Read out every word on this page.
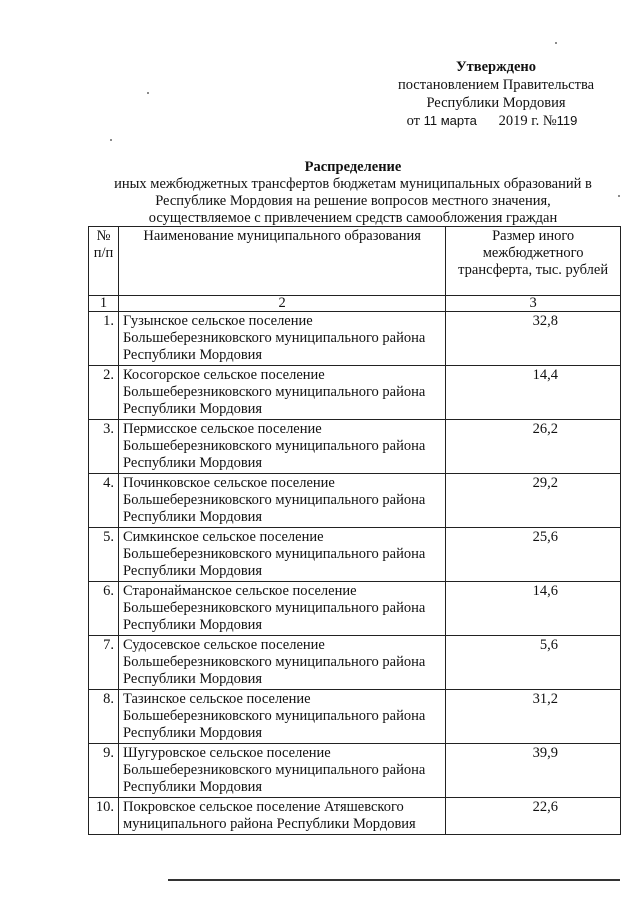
Утверждено
постановлением Правительства
Республики Мордовия
от 11 марта 2019 г. №119
Распределение
иных межбюджетных трансфертов бюджетам муниципальных образований в
Республике Мордовия на решение вопросов местного значения,
осуществляемое с привлечением средств самообложения граждан
№ п/п	Наименование муниципального образования	Размер иного межбюджетного трансферта, тыс. рублей
1	2	3
1.	Гузынское сельское поселение Большеберезниковского муниципального района Республики Мордовия	32,8
2.	Косогорское сельское поселение Большеберезниковского муниципального района Республики Мордовия	14,4
3.	Пермисское сельское поселение Большеберезниковского муниципального района Республики Мордовия	26,2
4.	Починковское сельское поселение Большеберезниковского муниципального района Республики Мордовия	29,2
5.	Симкинское сельское поселение Большеберезниковского муниципального района Республики Мордовия	25,6
6.	Старонайманское сельское поселение Большеберезниковского муниципального района Республики Мордовия	14,6
7.	Судосевское сельское поселение Большеберезниковского муниципального района Республики Мордовия	5,6
8.	Тазинское сельское поселение Большеберезниковского муниципального района Республики Мордовия	31,2
9.	Шугуровское сельское поселение Большеберезниковского муниципального района Республики Мордовия	39,9
10.	Покровское сельское поселение Атяшевского муниципального района Республики Мордовия	22,6
